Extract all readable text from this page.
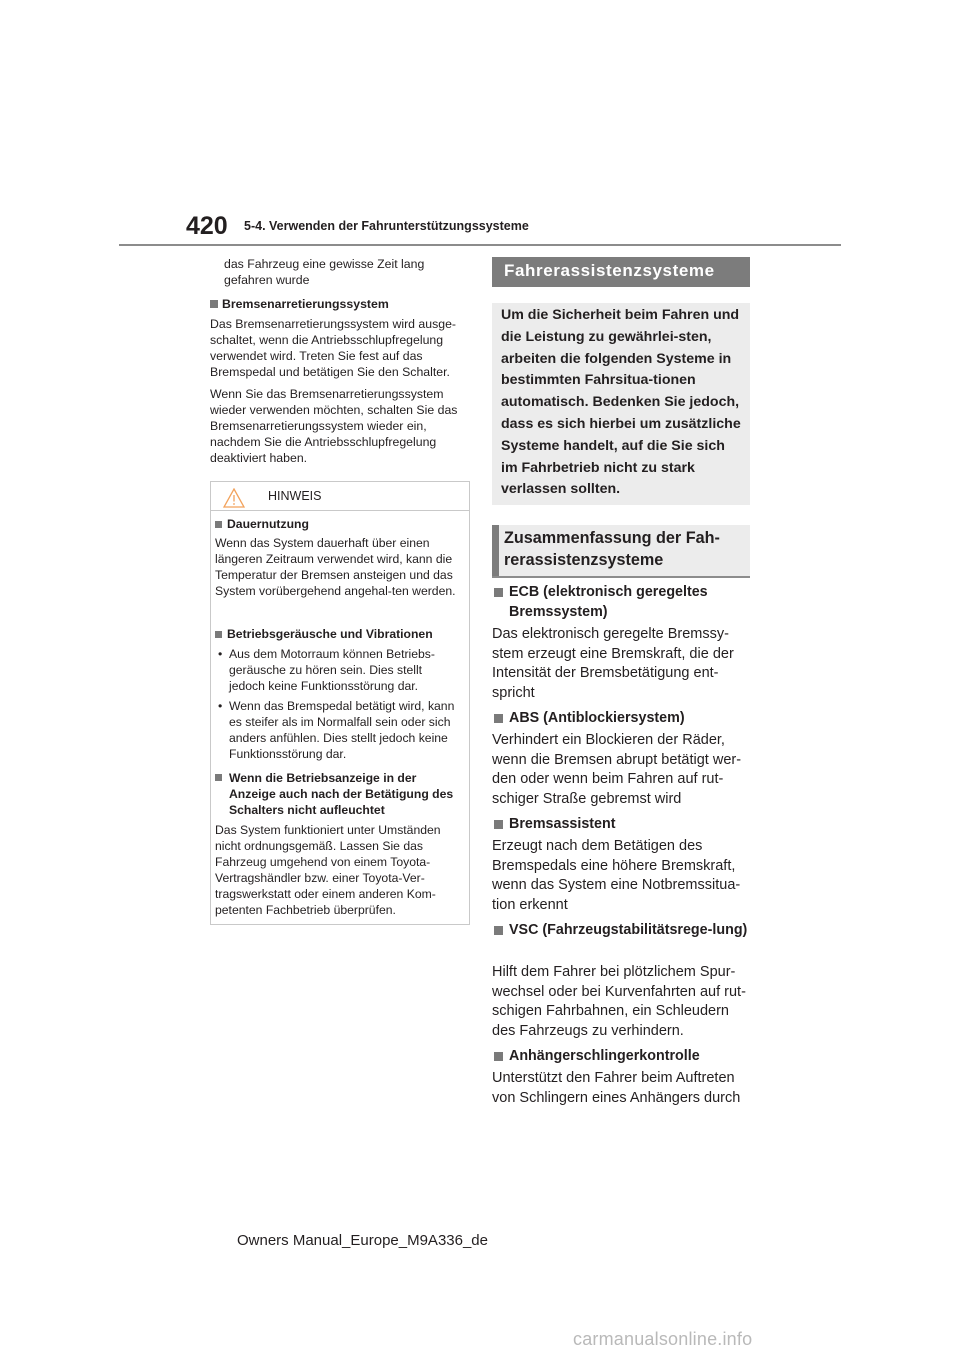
420 5-4. Verwenden der Fahrunterstützungssysteme

das Fahrzeug eine gewisse Zeit lang gefahren wurde

Bremsenarretierungssystem

Das Bremsenarretierungssystem wird ausge-schaltet, wenn die Antriebsschlupfregelung verwendet wird. Treten Sie fest auf das Bremspedal und betätigen Sie den Schalter.

Wenn Sie das Bremsenarretierungssystem wieder verwenden möchten, schalten Sie das Bremsenarretierungssystem wieder ein, nachdem Sie die Antriebsschlupfregelung deaktiviert haben.

HINWEIS

Dauernutzung

Wenn das System dauerhaft über einen längeren Zeitraum verwendet wird, kann die Temperatur der Bremsen ansteigen und das System vorübergehend angehal-ten werden.

Betriebsgeräusche und Vibrationen

• Aus dem Motorraum können Betriebs-geräusche zu hören sein. Dies stellt jedoch keine Funktionsstörung dar.

• Wenn das Bremspedal betätigt wird, kann es steifer als im Normalfall sein oder sich anders anfühlen. Dies stellt jedoch keine Funktionsstörung dar.

Wenn die Betriebsanzeige in der Anzeige auch nach der Betätigung des Schalters nicht aufleuchtet

Das System funktioniert unter Umständen nicht ordnungsgemäß. Lassen Sie das Fahrzeug umgehend von einem Toyota-Vertragshändler bzw. einer Toyota-Ver-tragswerkstatt oder einem anderen Kom-petenten Fachbetrieb überprüfen.

Fahrerassistenzsysteme

Um die Sicherheit beim Fahren und die Leistung zu gewährlei-sten, arbeiten die folgenden Systeme in bestimmten Fahrsitua-tionen automatisch. Bedenken Sie jedoch, dass es sich hierbei um zusätzliche Systeme handelt, auf die Sie sich im Fahrbetrieb nicht zu stark verlassen sollten.

Zusammenfassung der Fah-rerassistenzsysteme
ECB (elektronisch geregeltes Bremssystem)
Das elektronisch geregelte Bremssy-stem erzeugt eine Bremskraft, die der Intensität der Bremsbetätigung ent-spricht
ABS (Antiblockiersystem)
Verhindert ein Blockieren der Räder, wenn die Bremsen abrupt betätigt wer-den oder wenn beim Fahren auf rut-schiger Straße gebremst wird
Bremsassistent
Erzeugt nach dem Betätigen des Bremspedals eine höhere Bremskraft, wenn das System eine Notbremssitua-tion erkennt
VSC (Fahrzeugstabilitätsrege-lung)
Hilft dem Fahrer bei plötzlichem Spur-wechsel oder bei Kurvenfahrten auf rut-schigen Fahrbahnen, ein Schleudern des Fahrzeugs zu verhindern.
Anhängerschlingerkontrolle
Unterstützt den Fahrer beim Auftreten von Schlingern eines Anhängers durch
Owners Manual_Europe_M9A336_de
carmanualsonline.info
